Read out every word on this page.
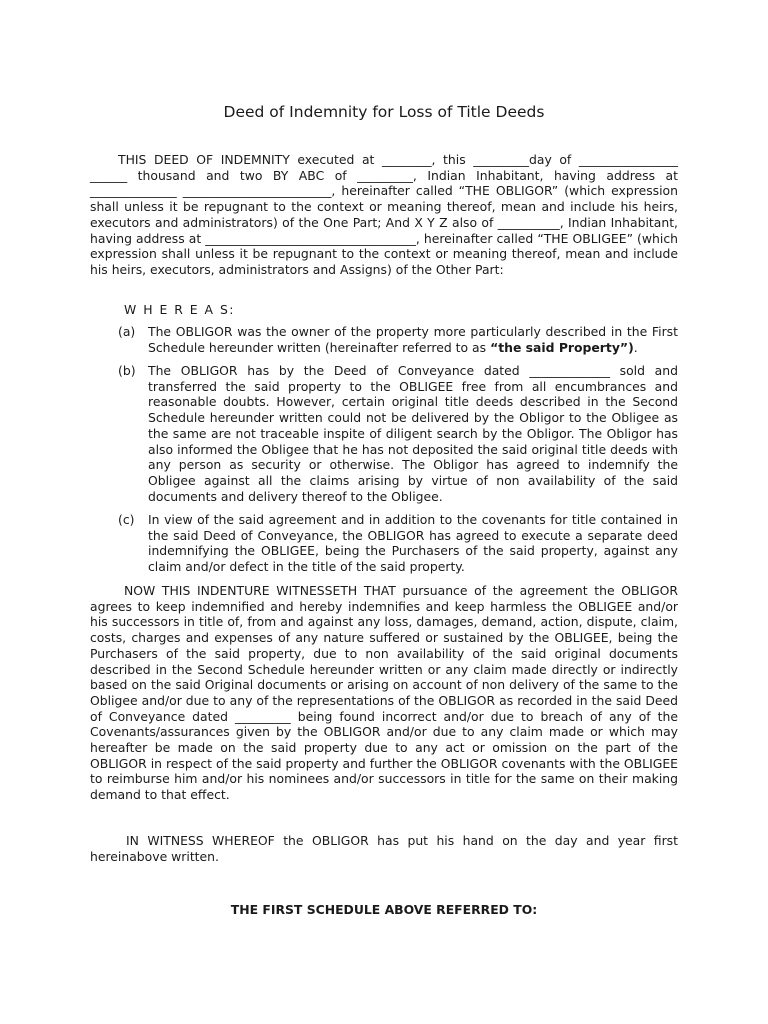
Deed of Indemnity for Loss of Title Deeds

THIS DEED OF INDEMNITY executed at ________, this _________day of ________________ ______ thousand and two BY ABC of _________, Indian Inhabitant, having address at ______________ ________________________, hereinafter called “THE OBLIGOR” (which expression shall unless it be repugnant to the context or meaning thereof, mean and include his heirs, executors and administrators) of the One Part; And X Y Z also of __________, Indian Inhabitant, having address at __________________________________, hereinafter called “THE OBLIGEE” (which expression shall unless it be repugnant to the context or meaning thereof, mean and include his heirs, executors, administrators and Assigns) of the Other Part:

W H E R E A S:

(a) The OBLIGOR was the owner of the property more particularly described in the First Schedule hereunder written (hereinafter referred to as “the said Property”).
(b) The OBLIGOR has by the Deed of Conveyance dated _____________ sold and transferred the said property to the OBLIGEE free from all encumbrances and reasonable doubts. However, certain original title deeds described in the Second Schedule hereunder written could not be delivered by the Obligor to the Obligee as the same are not traceable inspite of diligent search by the Obligor. The Obligor has also informed the Obligee that he has not deposited the said original title deeds with any person as security or otherwise. The Obligor has agreed to indemnify the Obligee against all the claims arising by virtue of non availability of the said documents and delivery thereof to the Obligee.
(c) In view of the said agreement and in addition to the covenants for title contained in the said Deed of Conveyance, the OBLIGOR has agreed to execute a separate deed indemnifying the OBLIGEE, being the Purchasers of the said property, against any claim and/or defect in the title of the said property.

NOW THIS INDENTURE WITNESSETH THAT pursuance of the agreement the OBLIGOR agrees to keep indemnified and hereby indemnifies and keep harmless the OBLIGEE and/or his successors in title of, from and against any loss, damages, demand, action, dispute, claim, costs, charges and expenses of any nature suffered or sustained by the OBLIGEE, being the Purchasers of the said property, due to non availability of the said original documents described in the Second Schedule hereunder written or any claim made directly or indirectly based on the said Original documents or arising on account of non delivery of the same to the Obligee and/or due to any of the representations of the OBLIGOR as recorded in the said Deed of Conveyance dated _________ being found incorrect and/or due to breach of any of the Covenants/assurances given by the OBLIGOR and/or due to any claim made or which may hereafter be made on the said property due to any act or omission on the part of the OBLIGOR in respect of the said property and further the OBLIGOR covenants with the OBLIGEE to reimburse him and/or his nominees and/or successors in title for the same on their making demand to that effect.

IN WITNESS WHEREOF the OBLIGOR has put his hand on the day and year first hereinabove written.

THE FIRST SCHEDULE ABOVE REFERRED TO:
